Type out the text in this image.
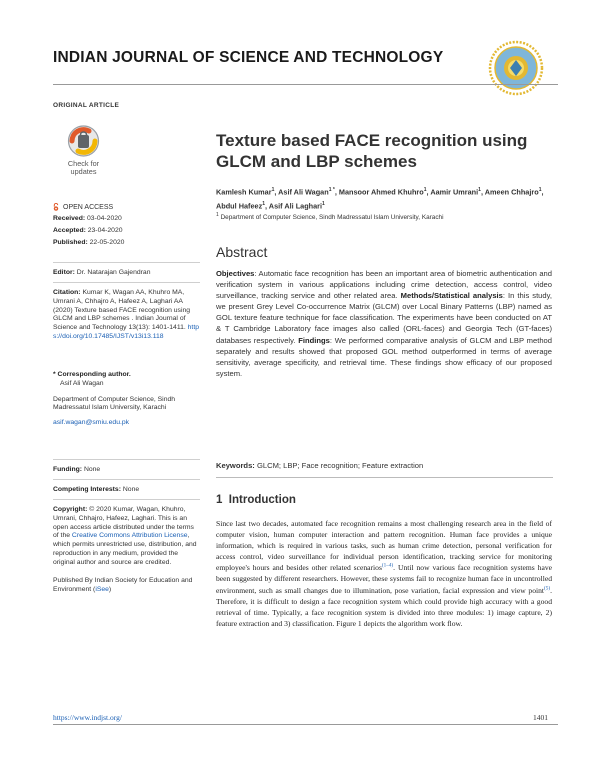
INDIAN JOURNAL OF SCIENCE AND TECHNOLOGY
ORIGINAL ARTICLE
Check for
updates
OPEN ACCESS
Received: 03-04-2020
Accepted: 23-04-2020
Published: 22-05-2020
Editor: Dr. Natarajan Gajendran
Citation: Kumar K, Wagan AA, Khuhro MA, Umrani A, Chhajro A, Hafeez A, Laghari AA (2020) Texture based FACE recognition using GLCM and LBP schemes . Indian Journal of Science and Technology 13(13): 1401-1411. https://doi.org/10.17485/IJST/v13i13.118
* Corresponding author.
Asif Ali Wagan
Department of Computer Science, Sindh Madressatul Islam University, Karachi
asif.wagan@smiu.edu.pk
Funding: None
Competing Interests: None
Copyright: © 2020 Kumar, Wagan, Khuhro, Umrani, Chhajro, Hafeez, Laghari. This is an open access article distributed under the terms of the Creative Commons Attribution License, which permits unrestricted use, distribution, and reproduction in any medium, provided the original author and source are credited.
Published By Indian Society for Education and Environment (iSee)
Texture based FACE recognition using GLCM and LBP schemes
Kamlesh Kumar$^1$, Asif Ali Wagan$^{1 *}$, Mansoor Ahmed Khuhro$^1$, Aamir Umrani$^1$, Ameen Chhajro$^1$, Abdul Hafeez$^1$, Asif Ali Laghari$^1$
$^1$ Department of Computer Science, Sindh Madressatul Islam University, Karachi
Abstract
Objectives: Automatic face recognition has been an important area of biometric authentication and verification system in various applications including crime detection, access control, video surveillance, tracking service and other related area. Methods/Statistical analysis: In this study, we present Grey Level Co-occurrence Matrix (GLCM) over Local Binary Patterns (LBP) named as GOL texture feature technique for face classification. The experiments have been conducted on AT & T Cambridge Laboratory face images also called (ORL-faces) and Georgia Tech (GT-faces) databases respectively. Findings: We performed comparative analysis of GLCM and LBP method separately and results showed that proposed GOL method outperformed in terms of average sensitivity, average specificity, and retrieval time. These findings show efficacy of our proposed system.
Keywords: GLCM; LBP; Face recognition; Feature extraction
1 Introduction
Since last two decades, automated face recognition remains a most challenging research area in the field of computer vision, human computer interaction and pattern recognition. Human face provides a unique information, which is required in various tasks, such as human crime detection, personal verification for access control, video surveillance for individual person identification, tracking service for monitoring employee's hours and besides other related scenarios$^{(1-4)}$. Until now various face recognition systems have been suggested by different researchers. However, these systems fail to recognize human face in uncontrolled environment, such as small changes due to illumination, pose variation, facial expression and view point$^{(5)}$. Therefore, it is difficult to design a face recognition system which could provide high accuracy with a good retrieval of time. Typically, a face recognition system is divided into three modules: 1) image capture, 2) feature extraction and 3) classification. Figure 1 depicts the algorithm work flow.
https://www.indjst.org/	1401
